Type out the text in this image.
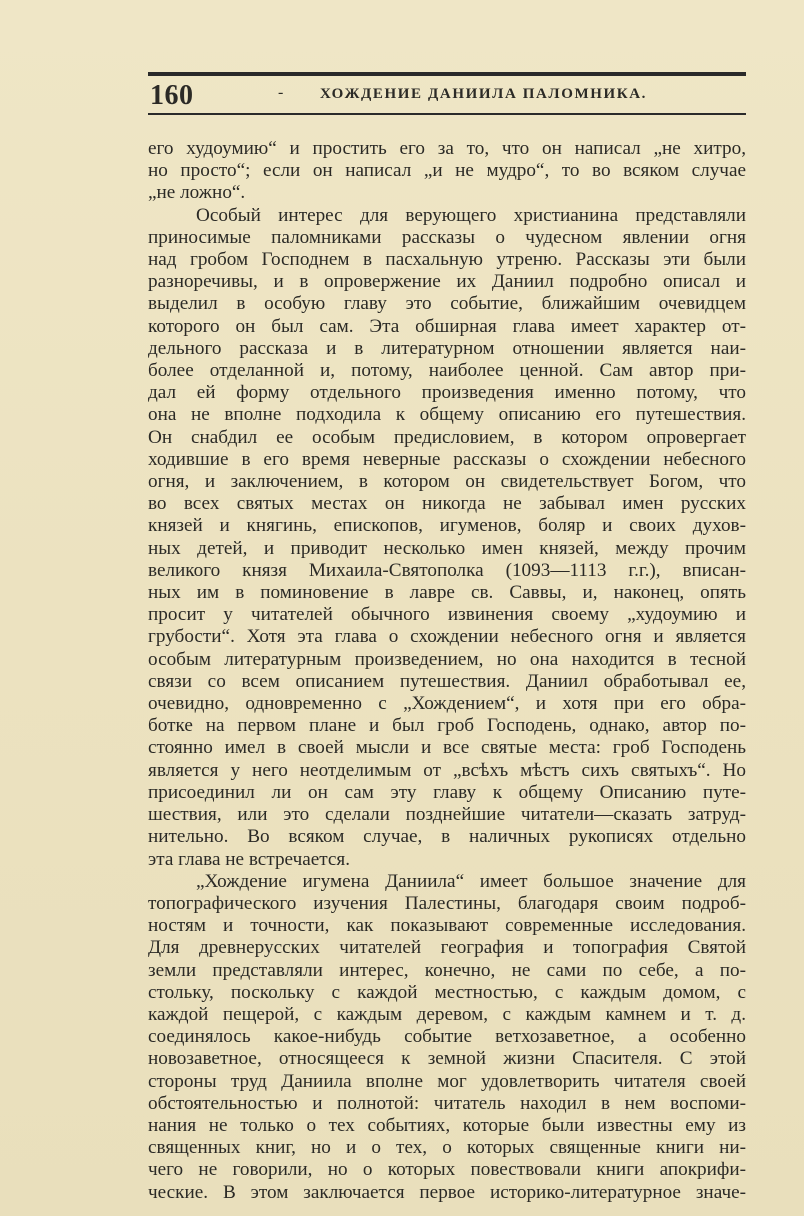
160	- ХОЖДЕНИЕ ДАНИИЛА ПАЛОМНИКА.
его худоумию“ и простить его за то, что он написал „не хитро,
но просто“; если он написал „и не мудро“, то во всяком случае
„не ложно“.
Особый интерес для верующего христианина представляли
приносимые паломниками рассказы о чудесном явлении огня
над гробом Господнем в пасхальную утреню. Рассказы эти были
разноречивы, и в опровержение их Даниил подробно описал и
выделил в особую главу это событие, ближайшим очевидцем
которого он был сам. Эта обширная глава имеет характер от-
дельного рассказа и в литературном отношении является наи-
более отделанной и, потому, наиболее ценной. Сам автор при-
дал ей форму отдельного произведения именно потому, что
она не вполне подходила к общему описанию его путешествия.
Он снабдил ее особым предисловием, в котором опровергает
ходившие в его время неверные рассказы о схождении небесного
огня, и заключением, в котором он свидетельствует Богом, что
во всех святых местах он никогда не забывал имен русских
князей и княгинь, епископов, игуменов, боляр и своих духов-
ных детей, и приводит несколько имен князей, между прочим
великого князя Михаила-Святополка (1093—1113 г.г.), вписан-
ных им в поминовение в лавре св. Саввы, и, наконец, опять
просит у читателей обычного извинения своему „худоумию и
грубости“. Хотя эта глава о схождении небесного огня и является
особым литературным произведением, но она находится в тесной
связи со всем описанием путешествия. Даниил обработывал ее,
очевидно, одновременно с „Хождением“, и хотя при его обра-
ботке на первом плане и был гроб Господень, однако, автор по-
стоянно имел в своей мысли и все святые места: гроб Господень
является у него неотделимым от „всѣхъ мѣстъ сихъ святыхъ“. Но
присоединил ли он сам эту главу к общему Описанию путе-
шествия, или это сделали позднейшие читатели—сказать затруд-
нительно. Во всяком случае, в наличных рукописях отдельно
эта глава не встречается.
„Хождение игумена Даниила“ имеет большое значение для
топографического изучения Палестины, благодаря своим подроб-
ностям и точности, как показывают современные исследования.
Для древнерусских читателей география и топография Святой
земли представляли интерес, конечно, не сами по себе, а по-
стольку, поскольку с каждой местностью, с каждым домом, с
каждой пещерой, с каждым деревом, с каждым камнем и т. д.
соединялось какое-нибудь событие ветхозаветное, а особенно
новозаветное, относящееся к земной жизни Спасителя. С этой
стороны труд Даниила вполне мог удовлетворить читателя своей
обстоятельностью и полнотой: читатель находил в нем воспоми-
нания не только о тех событиях, которые были известны ему из
священных книг, но и о тех, о которых священные книги ни-
чего не говорили, но о которых повествовали книги апокрифи-
ческие. В этом заключается первое историко-литературное значе-
